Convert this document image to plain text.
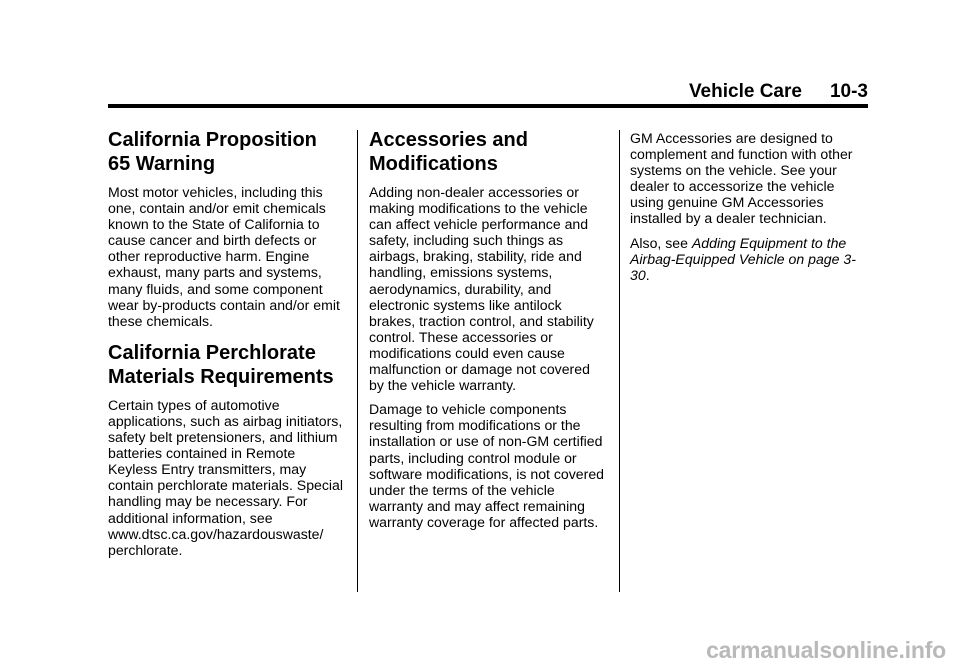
Vehicle Care 10-3
California Proposition
65 Warning

Most motor vehicles, including this one, contain and/or emit chemicals known to the State of California to cause cancer and birth defects or other reproductive harm. Engine exhaust, many parts and systems, many fluids, and some component wear by-products contain and/or emit these chemicals.

California Perchlorate
Materials Requirements

Certain types of automotive applications, such as airbag initiators, safety belt pretensioners, and lithium batteries contained in Remote Keyless Entry transmitters, may contain perchlorate materials. Special handling may be necessary. For additional information, see www.dtsc.ca.gov/hazardouswaste/ perchlorate.

Accessories and
Modifications

Adding non-dealer accessories or making modifications to the vehicle can affect vehicle performance and safety, including such things as airbags, braking, stability, ride and handling, emissions systems, aerodynamics, durability, and electronic systems like antilock brakes, traction control, and stability control. These accessories or modifications could even cause malfunction or damage not covered by the vehicle warranty.

Damage to vehicle components resulting from modifications or the installation or use of non-GM certified parts, including control module or software modifications, is not covered under the terms of the vehicle warranty and may affect remaining warranty coverage for affected parts.

GM Accessories are designed to complement and function with other systems on the vehicle. See your dealer to accessorize the vehicle using genuine GM Accessories installed by a dealer technician.

Also, see Adding Equipment to the Airbag-Equipped Vehicle on page 3-30.

carmanualsonline.info
